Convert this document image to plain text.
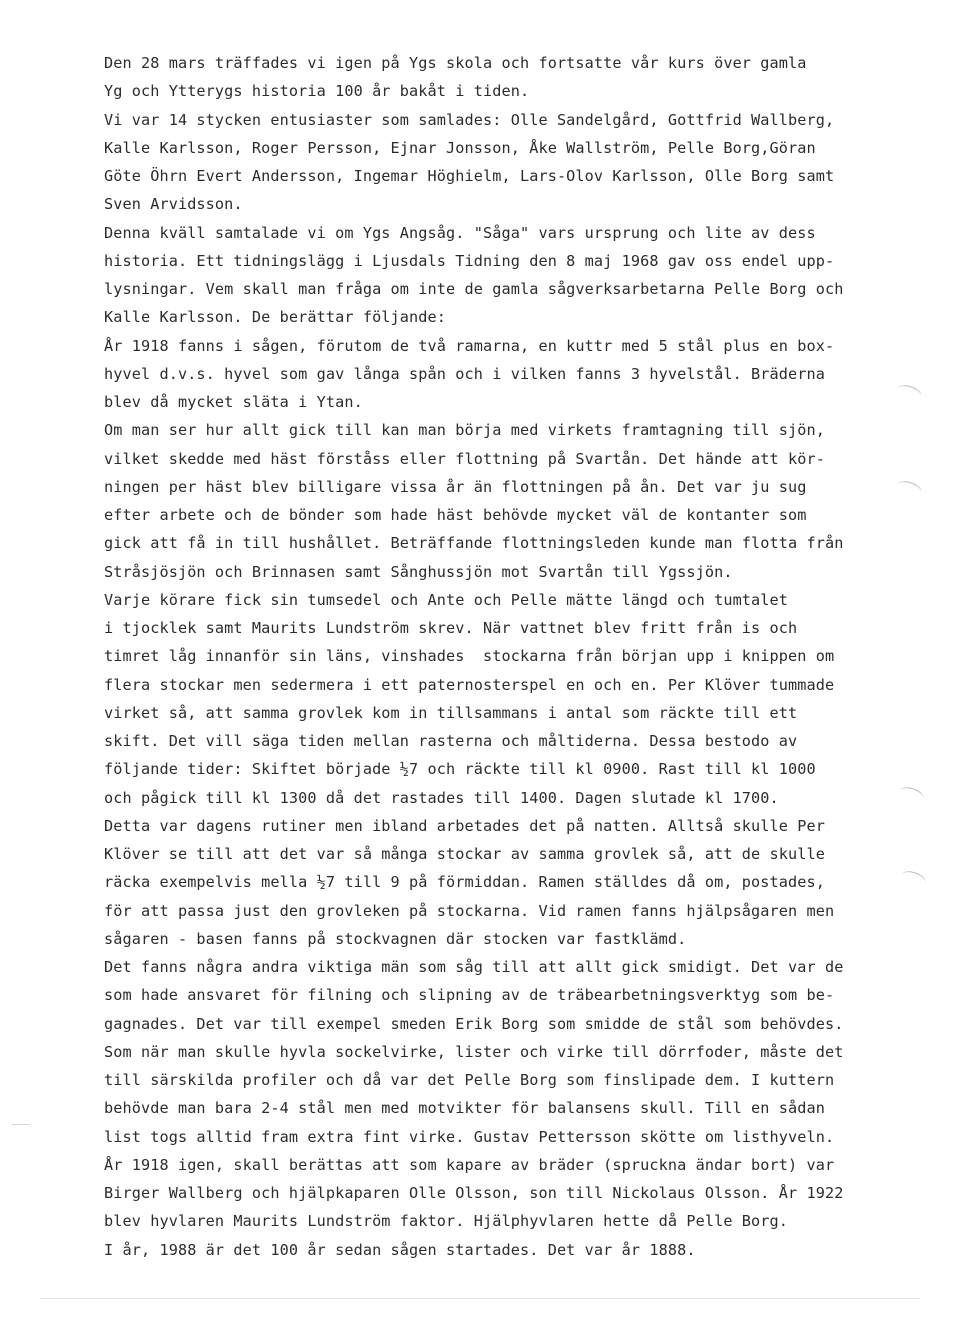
Den 28 mars träffades vi igen på Ygs skola och fortsatte vår kurs över gamla
Yg och Ytterygs historia 100 år bakåt i tiden.
Vi var 14 stycken entusiaster som samlades: Olle Sandelgård, Gottfrid Wallberg,
Kalle Karlsson, Roger Persson, Ejnar Jonsson, Åke Wallström, Pelle Borg,Göran
Göte Öhrn Evert Andersson, Ingemar Höghielm, Lars-Olov Karlsson, Olle Borg samt
Sven Arvidsson.
Denna kväll samtalade vi om Ygs Angsåg. "Såga" vars ursprung och lite av dess
historia. Ett tidningslägg i Ljusdals Tidning den 8 maj 1968 gav oss endel upp-
lysningar. Vem skall man fråga om inte de gamla sågverksarbetarna Pelle Borg och
Kalle Karlsson. De berättar följande:
År 1918 fanns i sågen, förutom de två ramarna, en kuttr med 5 stål plus en box-
hyvel d.v.s. hyvel som gav långa spån och i vilken fanns 3 hyvelstål. Bräderna
blev då mycket släta i Ytan.
Om man ser hur allt gick till kan man börja med virkets framtagning till sjön,
vilket skedde med häst förståss eller flottning på Svartån. Det hände att kör-
ningen per häst blev billigare vissa år än flottningen på ån. Det var ju sug
efter arbete och de bönder som hade häst behövde mycket väl de kontanter som
gick att få in till hushållet. Beträffande flottningsleden kunde man flotta från
Stråsjösjön och Brinnasen samt Sånghussjön mot Svartån till Ygssjön.
Varje körare fick sin tumsedel och Ante och Pelle mätte längd och tumtalet
i tjocklek samt Maurits Lundström skrev. När vattnet blev fritt från is och
timret låg innanför sin läns, vinshades  stockarna från början upp i knippen om
flera stockar men sedermera i ett paternosterspel en och en. Per Klöver tummade
virket så, att samma grovlek kom in tillsammans i antal som räckte till ett
skift. Det vill säga tiden mellan rasterna och måltiderna. Dessa bestodo av
följande tider: Skiftet började ½7 och räckte till kl 0900. Rast till kl 1000
och pågick till kl 1300 då det rastades till 1400. Dagen slutade kl 1700.
Detta var dagens rutiner men ibland arbetades det på natten. Alltså skulle Per
Klöver se till att det var så många stockar av samma grovlek så, att de skulle
räcka exempelvis mella ½7 till 9 på förmiddan. Ramen ställdes då om, postades,
för att passa just den grovleken på stockarna. Vid ramen fanns hjälpsågaren men
sågaren - basen fanns på stockvagnen där stocken var fastklämd.
Det fanns några andra viktiga män som såg till att allt gick smidigt. Det var de
som hade ansvaret för filning och slipning av de träbearbetningsverktyg som be-
gagnades. Det var till exempel smeden Erik Borg som smidde de stål som behövdes.
Som när man skulle hyvla sockelvirke, lister och virke till dörrfoder, måste det
till särskilda profiler och då var det Pelle Borg som finslipade dem. I kuttern
behövde man bara 2-4 stål men med motvikter för balansens skull. Till en sådan
list togs alltid fram extra fint virke. Gustav Pettersson skötte om listhyveln.
År 1918 igen, skall berättas att som kapare av bräder (spruckna ändar bort) var
Birger Wallberg och hjälpkaparen Olle Olsson, son till Nickolaus Olsson. År 1922
blev hyvlaren Maurits Lundström faktor. Hjälphyvlaren hette då Pelle Borg.
I år, 1988 är det 100 år sedan sågen startades. Det var år 1888.
